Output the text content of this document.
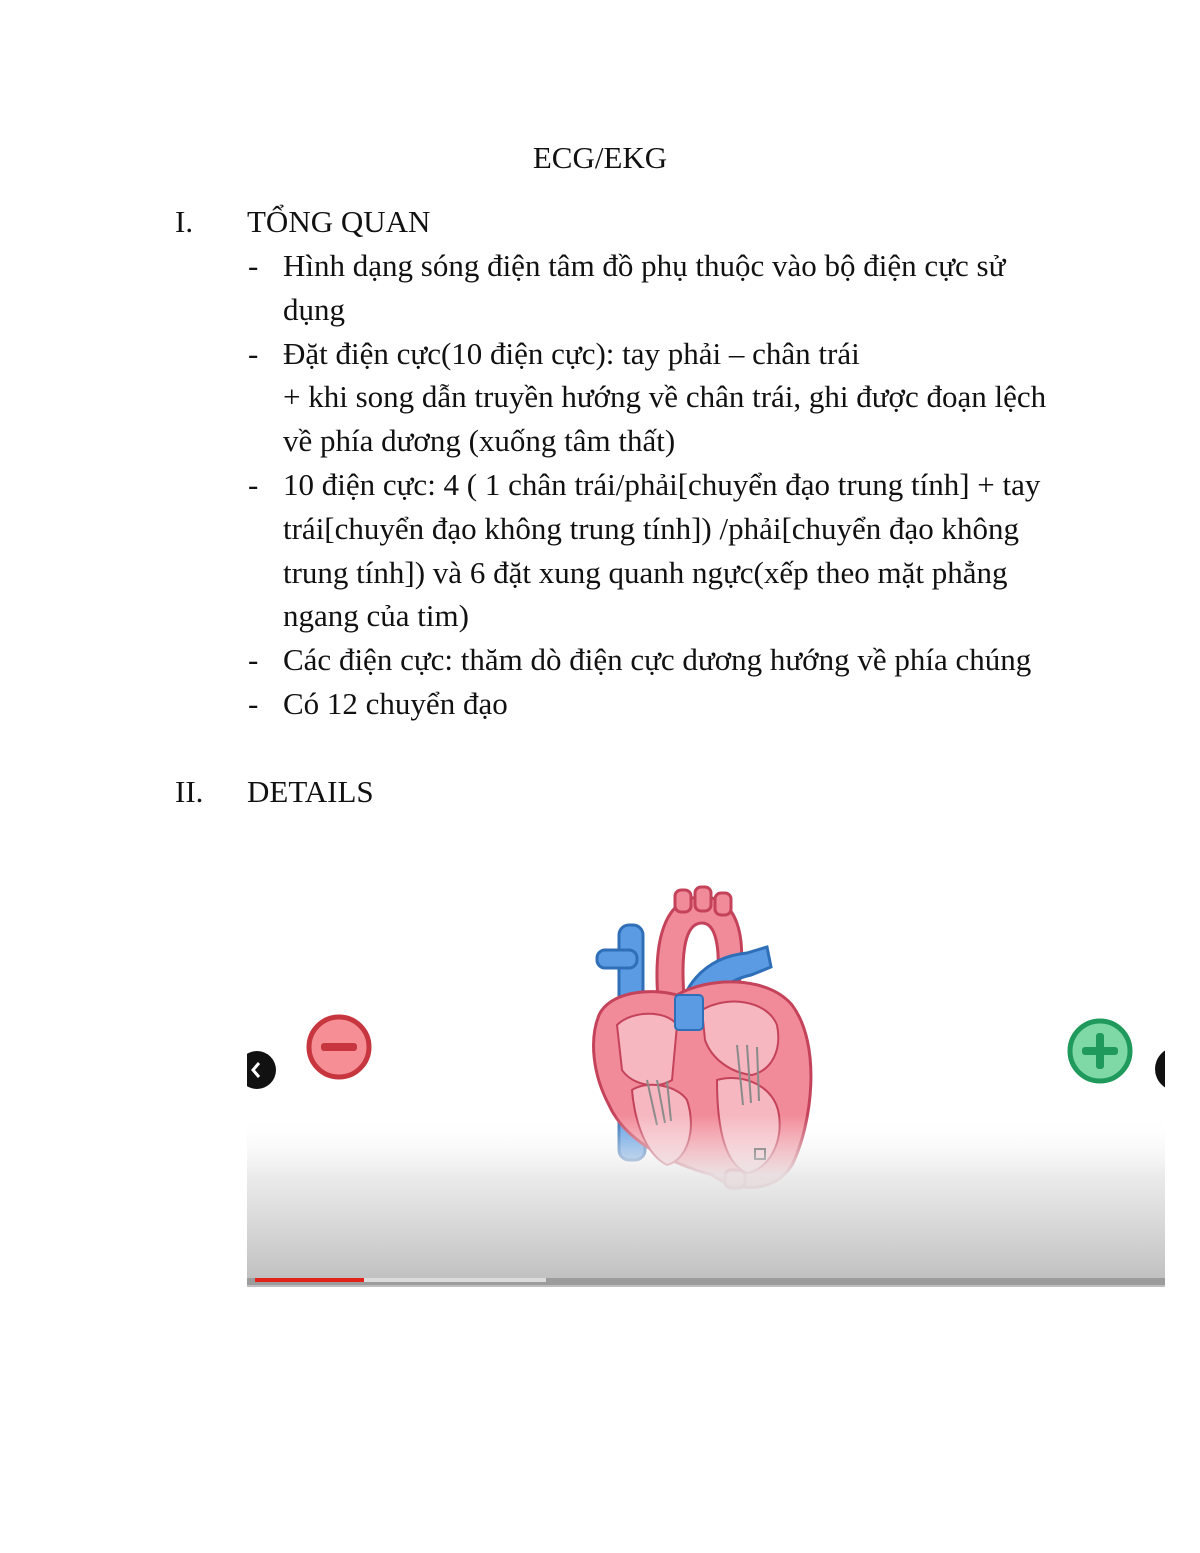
ECG/EKG
I. TỔNG QUAN
- Hình dạng sóng điện tâm đồ phụ thuộc vào bộ điện cực sử dụng
- Đặt điện cực(10 điện cực): tay phải – chân trái
+ khi song dẫn truyền hướng về chân trái, ghi được đoạn lệch về phía dương (xuống tâm thất)
- 10 điện cực: 4 ( 1 chân trái/phải[chuyển đạo trung tính] + tay trái[chuyển đạo không trung tính]) /phải[chuyển đạo không trung tính]) và 6 đặt xung quanh ngực(xếp theo mặt phẳng ngang của tim)
- Các điện cực: thăm dò điện cực dương hướng về phía chúng
- Có 12 chuyển đạo
II. DETAILS
